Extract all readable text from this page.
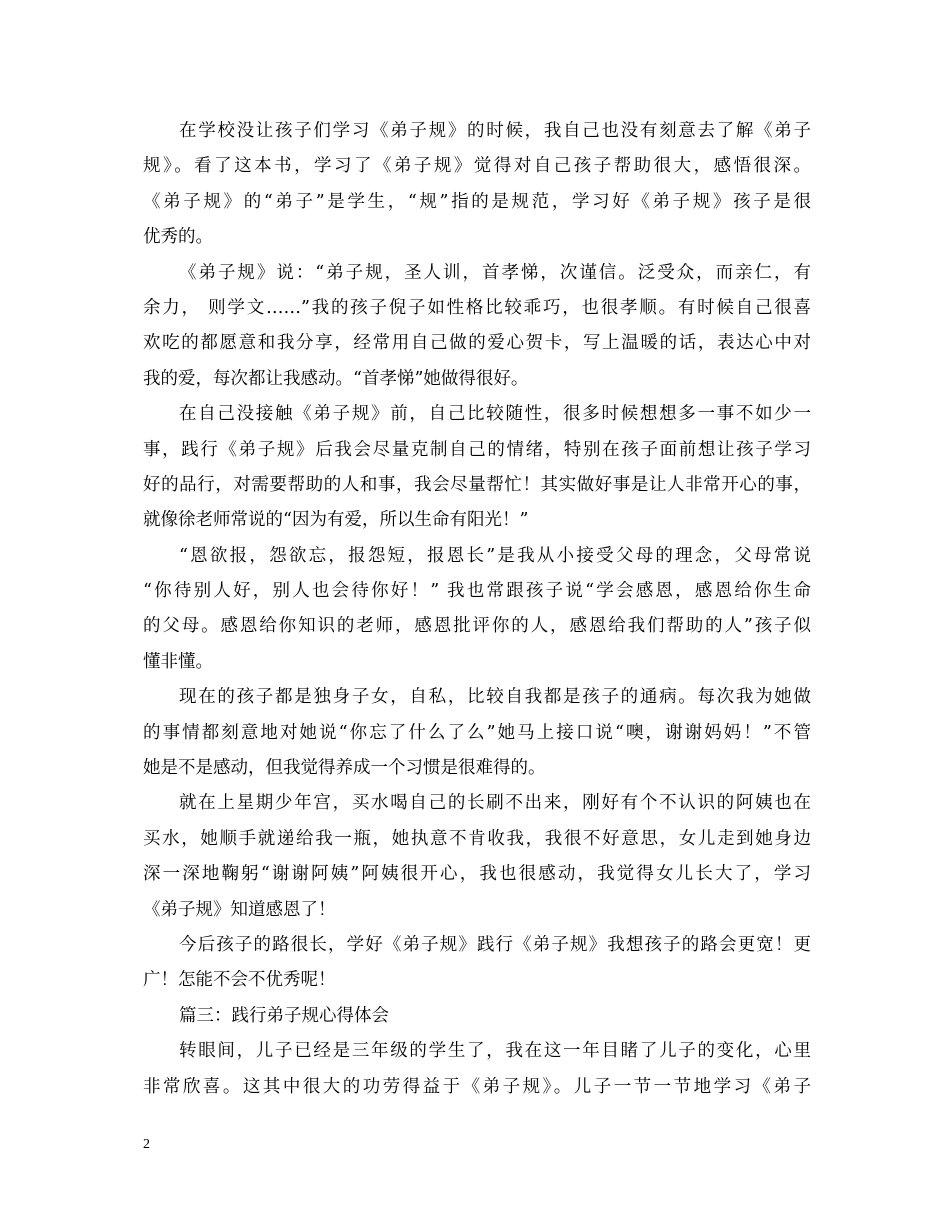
在学校没让孩子们学习《弟子规》的时候，我自己也没有刻意去了解《弟子
规》。看了这本书，学习了《弟子规》觉得对自己孩子帮助很大，感悟很深。
《弟子规》的“弟子”是学生，“规”指的是规范，学习好《弟子规》孩子是很
优秀的。
《弟子规》说：“弟子规，圣人训，首孝悌，次谨信。泛受众，而亲仁，有
余力， 则学文……”我的孩子倪子如性格比较乖巧，也很孝顺。有时候自己很喜
欢吃的都愿意和我分享，经常用自己做的爱心贺卡，写上温暖的话，表达心中对
我的爱，每次都让我感动。“首孝悌”她做得很好。
在自己没接触《弟子规》前，自己比较随性，很多时候想想多一事不如少一
事，践行《弟子规》后我会尽量克制自己的情绪，特别在孩子面前想让孩子学习
好的品行，对需要帮助的人和事，我会尽量帮忙！其实做好事是让人非常开心的事，
就像徐老师常说的“因为有爱，所以生命有阳光！”
“恩欲报，怨欲忘，报怨短，报恩长”是我从小接受父母的理念，父母常说
“你待别人好，别人也会待你好！” 我也常跟孩子说“学会感恩，感恩给你生命
的父母。感恩给你知识的老师，感恩批评你的人，感恩给我们帮助的人”孩子似
懂非懂。
现在的孩子都是独身子女，自私，比较自我都是孩子的通病。每次我为她做
的事情都刻意地对她说“你忘了什么了么”她马上接口说“噢，谢谢妈妈！”不管
她是不是感动，但我觉得养成一个习惯是很难得的。
就在上星期少年宫，买水喝自己的长刷不出来，刚好有个不认识的阿姨也在
买水，她顺手就递给我一瓶，她执意不肯收我，我很不好意思，女儿走到她身边
深一深地鞠躬“谢谢阿姨”阿姨很开心，我也很感动，我觉得女儿长大了，学习
《弟子规》知道感恩了！
今后孩子的路很长，学好《弟子规》践行《弟子规》我想孩子的路会更宽！更
广！怎能不会不优秀呢！
篇三：践行弟子规心得体会
转眼间，儿子已经是三年级的学生了，我在这一年目睹了儿子的变化，心里
非常欣喜。这其中很大的功劳得益于《弟子规》。儿子一节一节地学习《弟子
2
